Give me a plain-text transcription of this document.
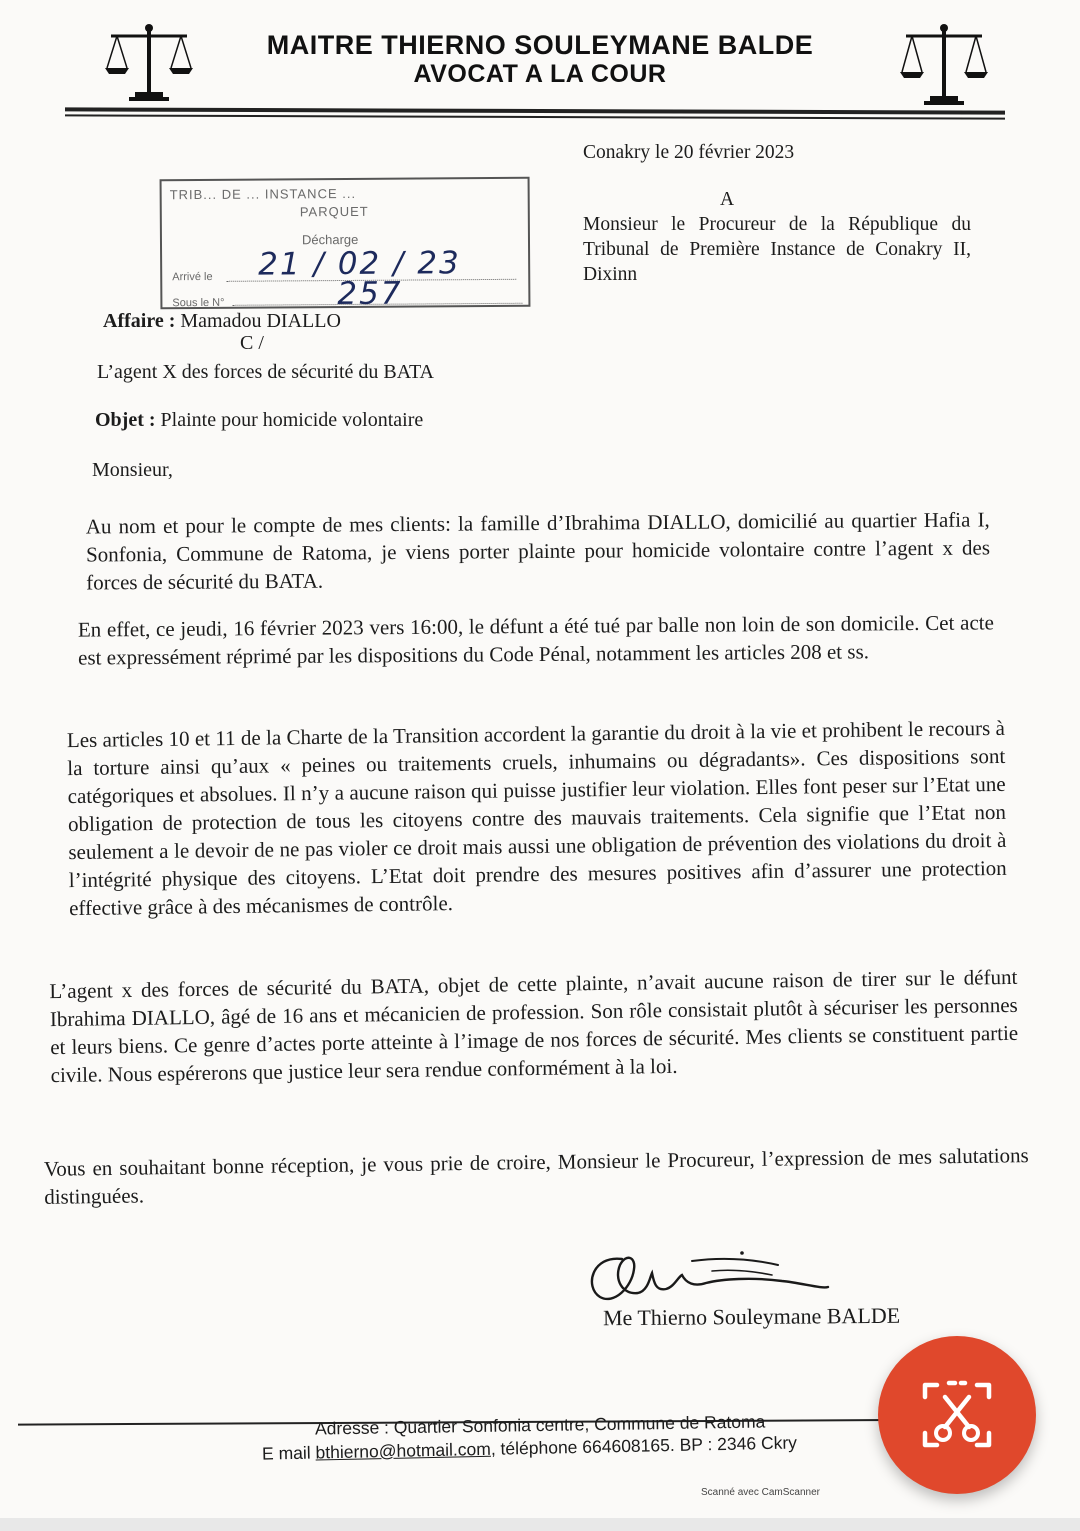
MAITRE THIERNO SOULEYMANE BALDE
AVOCAT A LA COUR
Conakry le 20 février 2023
A
Monsieur le Procureur de la République du Tribunal de Première Instance de Conakry II, Dixinn
TRIB... DE ... INSTANCE ...
PARQUET
Décharge
Arrivé le 21 / 02 / 23
Sous le N°	257
Affaire : Mamadou DIALLO
C /
L’agent X des forces de sécurité du BATA
Objet : Plainte pour homicide volontaire
Monsieur,
Au nom et pour le compte de mes clients: la famille d’Ibrahima DIALLO, domicilié au quartier Hafia I, Sonfonia, Commune de Ratoma, je viens porter plainte pour homicide volontaire contre l’agent x des forces de sécurité du BATA.
En effet, ce jeudi, 16 février 2023 vers 16:00, le défunt a été tué par balle non loin de son domicile. Cet acte est expressément réprimé par les dispositions du Code Pénal, notamment les articles 208 et ss.
Les articles 10 et 11 de la Charte de la Transition accordent la garantie du droit à la vie et prohibent le recours à la torture ainsi qu’aux « peines ou traitements cruels, inhumains ou dégradants». Ces dispositions sont catégoriques et absolues. Il n’y a aucune raison qui puisse justifier leur violation. Elles font peser sur l’Etat une obligation de protection de tous les citoyens contre des mauvais traitements. Cela signifie que l’Etat non seulement a le devoir de ne pas violer ce droit mais aussi une obligation de prévention des violations du droit à l’intégrité physique des citoyens. L’Etat doit prendre des mesures positives afin d’assurer une protection effective grâce à des mécanismes de contrôle.
L’agent x des forces de sécurité du BATA, objet de cette plainte, n’avait aucune raison de tirer sur le défunt Ibrahima DIALLO, âgé de 16 ans et mécanicien de profession. Son rôle consistait plutôt à sécuriser les personnes et leurs biens. Ce genre d’actes porte atteinte à l’image de nos forces de sécurité. Mes clients se constituent partie civile. Nous espérerons que justice leur sera rendue conformément à la loi.
Vous en souhaitant bonne réception, je vous prie de croire, Monsieur le Procureur, l’expression de mes salutations distinguées.
Me Thierno Souleymane BALDE
Adresse : Quartier Sonfonia centre, Commune de Ratoma
E mail bthierno@hotmail.com, téléphone 664608165. BP : 2346 Ckry
Scanné avec CamScanner
